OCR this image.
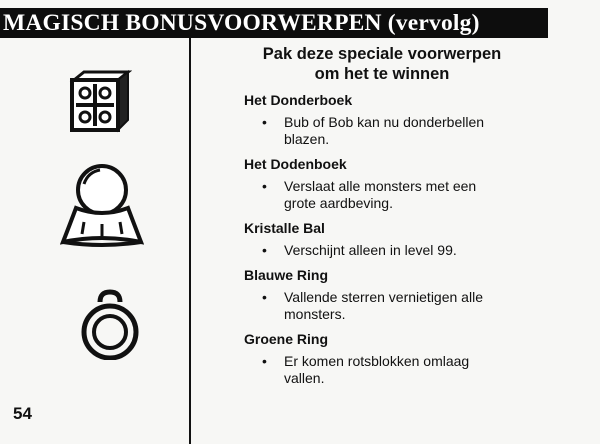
MAGISCH BONUSVOORWERPEN (vervolg)
54
Pak deze speciale voorwerpen
om het te winnen
Het Donderboek
• Bub of Bob kan nu donderbellen
blazen.
Het Dodenboek
• Verslaat alle monsters met een
grote aardbeving.
Kristalle Bal
• Verschijnt alleen in level 99.
Blauwe Ring
• Vallende sterren vernietigen alle
monsters.
Groene Ring
• Er komen rotsblokken omlaag
vallen.
